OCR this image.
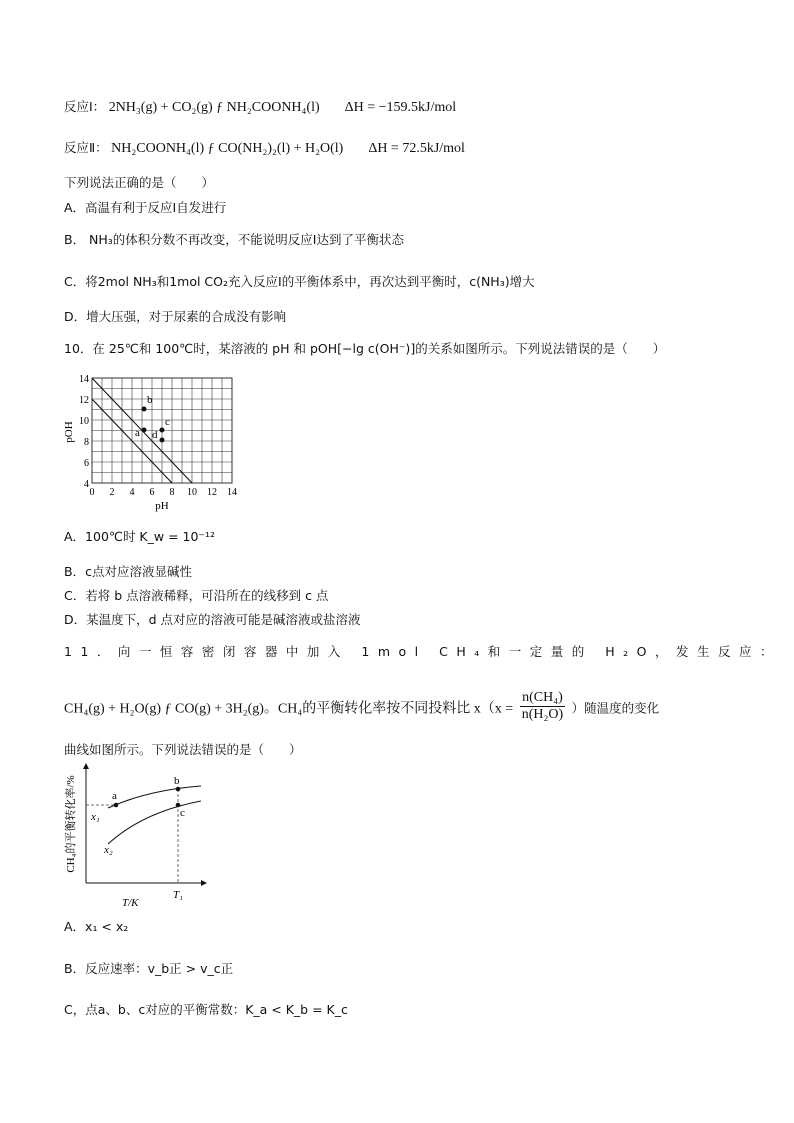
反应Ⅰ： 2NH₃(g) + CO₂(g) ƒ NH₂COONH₄(l) ΔH = −159.5kJ/mol
反应Ⅱ： NH₂COONH₄(l) ƒ CO(NH₂)₂(l) + H₂O(l) ΔH = 72.5kJ/mol
下列说法正确的是（　　）
A．高温有利于反应Ⅰ自发进行
B． NH₃的体积分数不再改变，不能说明反应Ⅰ达到了平衡状态
C．将2mol NH₃和1mol CO₂充入反应Ⅰ的平衡体系中，再次达到平衡时，c(NH₃)增大
D．增大压强，对于尿素的合成没有影响
10．在 25℃和 100℃时，某溶液的 pH 和 pOH[−lg c(OH⁻)]的关系如图所示。下列说法错误的是（　　）
a
b
c
d
14
12
10
8
6
4
0 2 4 6 8 10 12 14
pH
pOH
A．100℃时 K_w = 10⁻¹²
B．c点对应溶液显碱性
C．若将 b 点溶液稀释，可沿所在的线移到 c 点
D．某温度下，d 点对应的溶液可能是碱溶液或盐溶液
11．向一恒容密闭容器中加入 1mol CH₄和一定量的 H₂O，发生反应：
CH₄(g) + H₂O(g) ƒ CO(g) + 3H₂(g)。CH₄的平衡转化率按不同投料比 $x(x = \frac{\text{n(CH₄)}}{\text{n(H₂O)}}$ ）随温度的变化
曲线如图所示。下列说法错误的是（　　）
a
b
c
x₁
x₂
T₁
T/K
CH₄的平衡转化率/%
A．x₁ < x₂
B．反应速率：v_b正 > v_c正
C，点a、b、c对应的平衡常数：K_a < K_b = K_c
